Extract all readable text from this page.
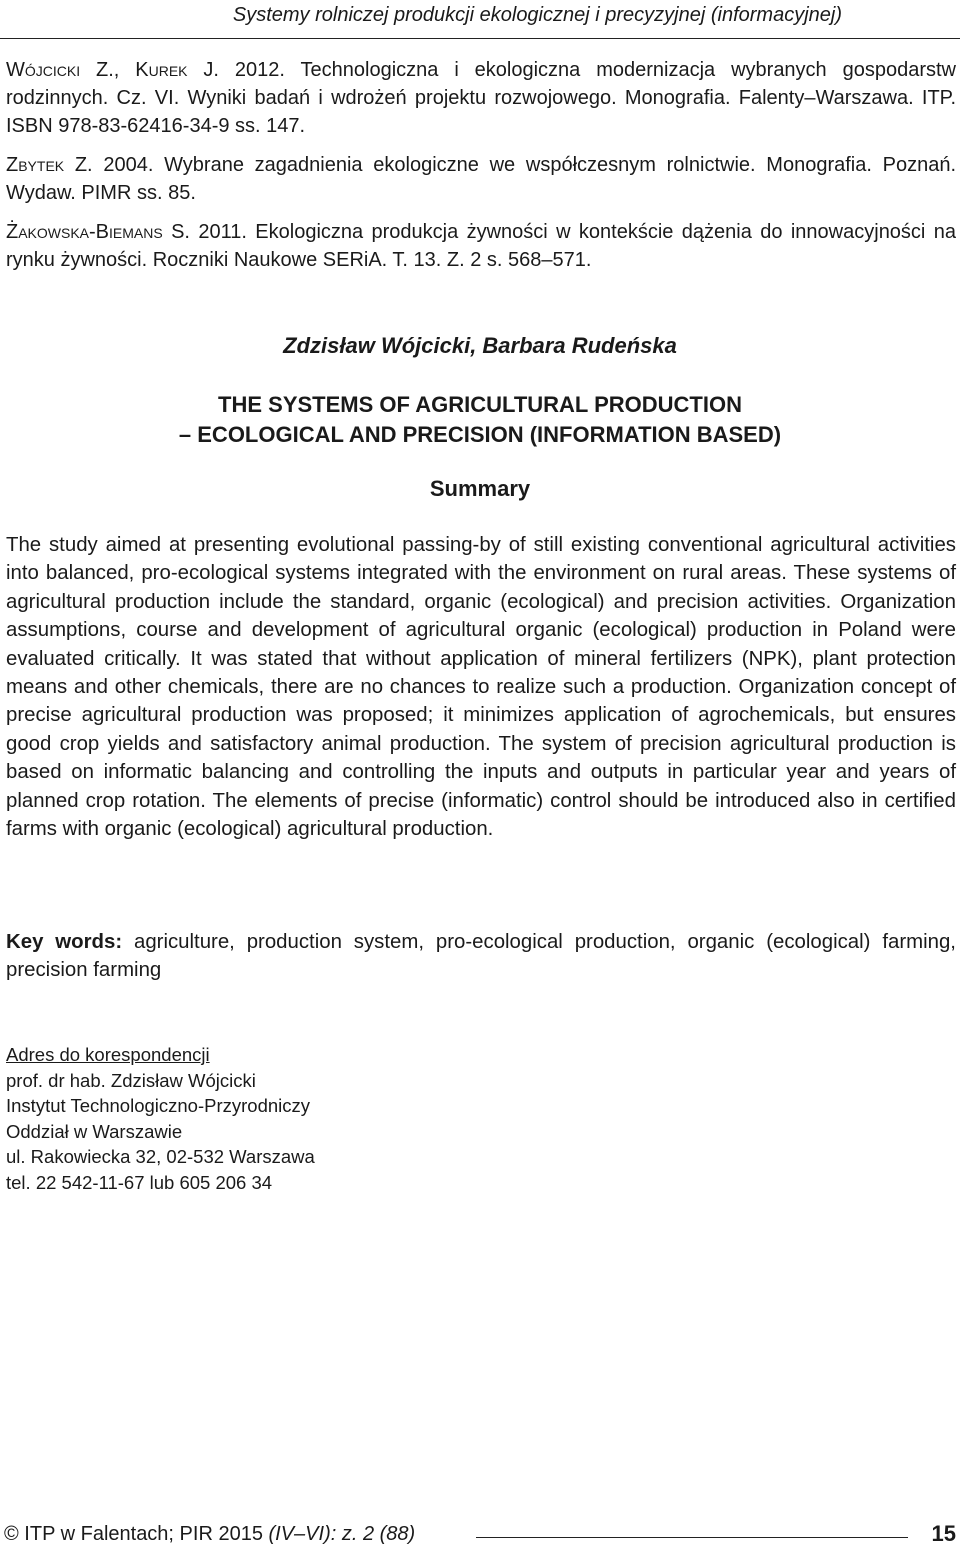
Systemy rolniczej produkcji ekologicznej i precyzyjnej (informacyjnej)

Wójcicki Z., Kurek J. 2012. Technologiczna i ekologiczna modernizacja wybranych gospodarstw rodzinnych. Cz. VI. Wyniki badań i wdrożeń projektu rozwojowego. Monografia. Falenty–Warszawa. ITP. ISBN 978-83-62416-34-9 ss. 147.

Zbytek Z. 2004. Wybrane zagadnienia ekologiczne we współczesnym rolnictwie. Monografia. Poznań. Wydaw. PIMR ss. 85.

Żakowska-Biemans S. 2011. Ekologiczna produkcja żywności w kontekście dążenia do innowacyjności na rynku żywności. Roczniki Naukowe SERiA. T. 13. Z. 2 s. 568–571.

Zdzisław Wójcicki, Barbara Rudeńska
THE SYSTEMS OF AGRICULTURAL PRODUCTION
– ECOLOGICAL AND PRECISION (INFORMATION BASED)
Summary

The study aimed at presenting evolutional passing-by of still existing conventional agricultural activities into balanced, pro-ecological systems integrated with the environment on rural areas. These systems of agricultural production include the standard, organic (ecological) and precision activities. Organization assumptions, course and development of agricultural organic (ecological) production in Poland were evaluated critically. It was stated that without application of mineral fertilizers (NPK), plant protection means and other chemicals, there are no chances to realize such a production. Organization concept of precise agricultural production was proposed; it minimizes application of agrochemicals, but ensures good crop yields and satisfactory animal production. The system of precision agricultural production is based on informatic balancing and controlling the inputs and outputs in particular year and years of planned crop rotation. The elements of precise (informatic) control should be introduced also in certified farms with organic (ecological) agricultural production.

Key words: agriculture, production system, pro-ecological production, organic (ecological) farming, precision farming

Adres do korespondencji
prof. dr hab. Zdzisław Wójcicki
Instytut Technologiczno-Przyrodniczy
Oddział w Warszawie
ul. Rakowiecka 32, 02-532 Warszawa
tel. 22 542-11-67 lub 605 206 34
© ITP w Falentach; PIR 2015 (IV–VI): z. 2 (88)	15
